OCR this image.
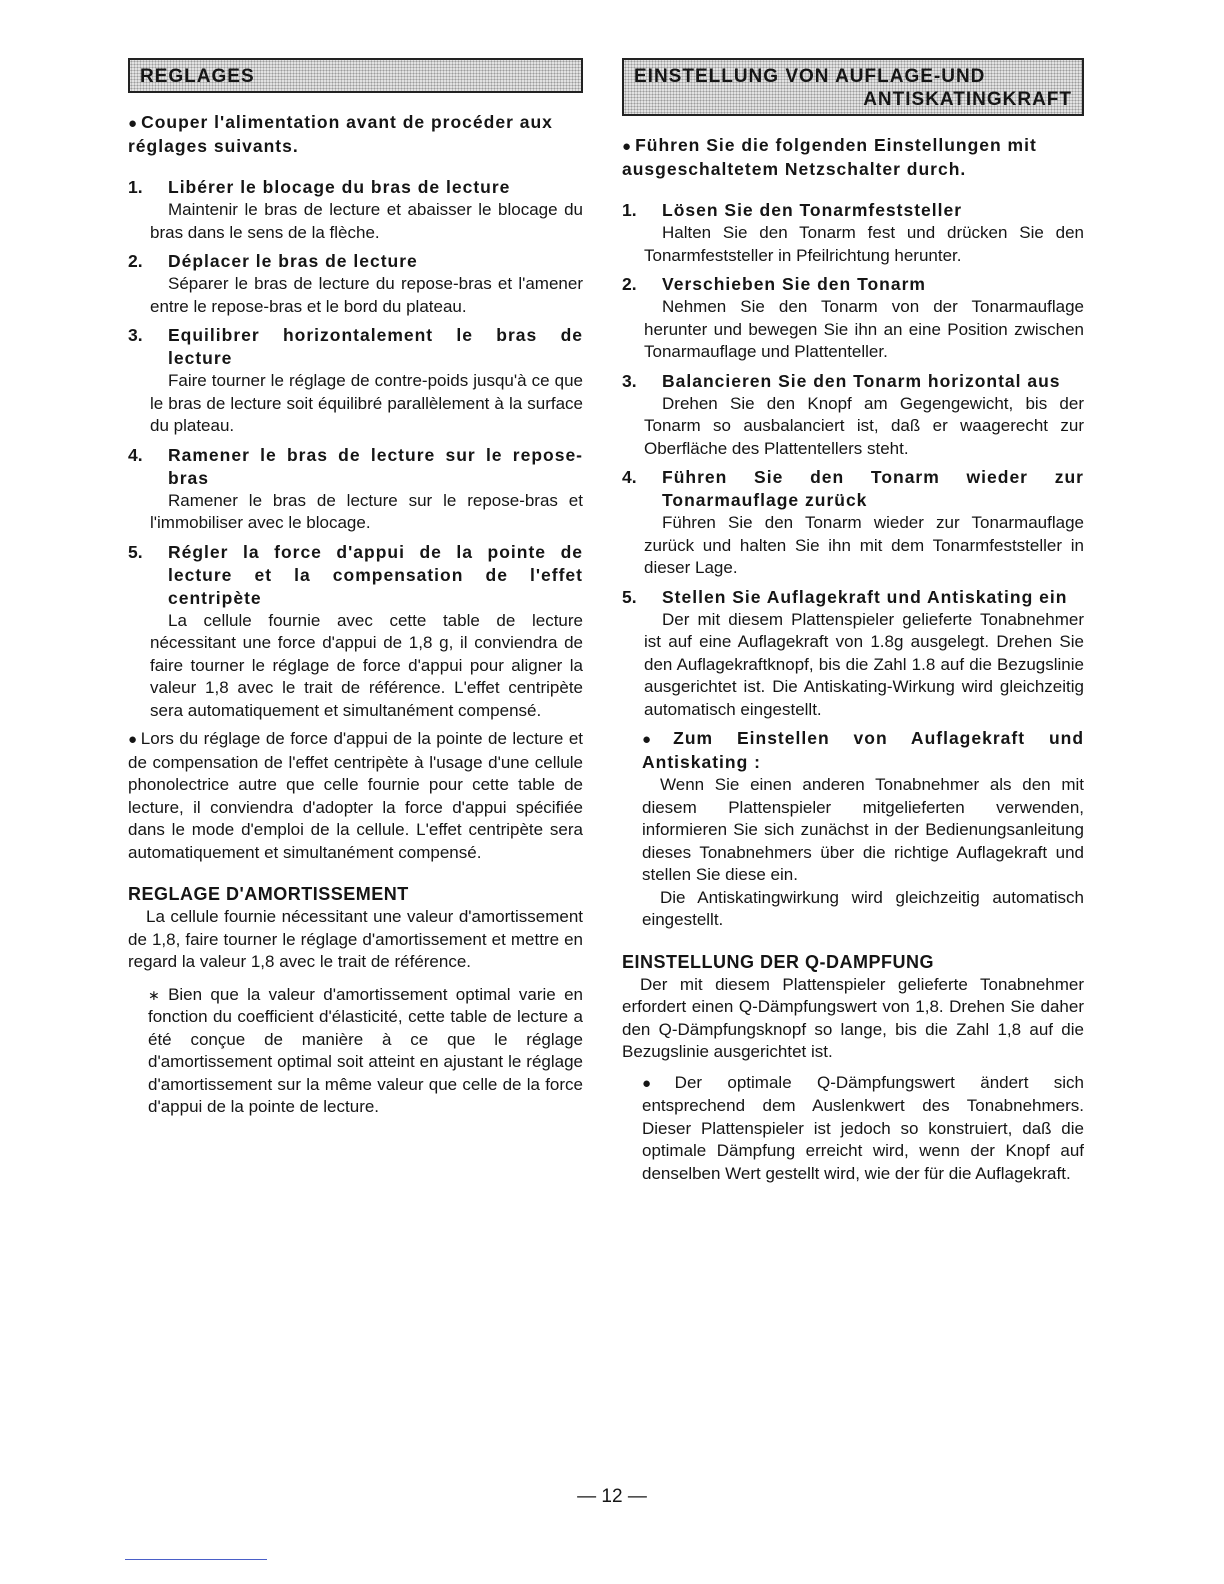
REGLAGES

● Couper l'alimentation avant de procéder aux réglages suivants.

1. Libérer le blocage du bras de lecture

Maintenir le bras de lecture et abaisser le blocage du bras dans le sens de la flèche.

2. Déplacer le bras de lecture

Séparer le bras de lecture du repose-bras et l'amener entre le repose-bras et le bord du plateau.

3. Equilibrer horizontalement le bras de lecture

Faire tourner le réglage de contre-poids jusqu'à ce que le bras de lecture soit équilibré parallèlement à la surface du plateau.

4. Ramener le bras de lecture sur le repose-bras

Ramener le bras de lecture sur le repose-bras et l'immobiliser avec le blocage.

5. Régler la force d'appui de la pointe de lecture et la compensation de l'effet centripète

La cellule fournie avec cette table de lecture nécessitant une force d'appui de 1,8 g, il conviendra de faire tourner le réglage de force d'appui pour aligner la valeur 1,8 avec le trait de référence. L'effet centripète sera automatiquement et simultanément compensé.

● Lors du réglage de force d'appui de la pointe de lecture et de compensation de l'effet centripète à l'usage d'une cellule phonolectrice autre que celle fournie pour cette table de lecture, il conviendra d'adopter la force d'appui spécifiée dans le mode d'emploi de la cellule. L'effet centripète sera automatiquement et simultanément compensé.

REGLAGE D'AMORTISSEMENT

La cellule fournie nécessitant une valeur d'amortissement de 1,8, faire tourner le réglage d'amortissement et mettre en regard la valeur 1,8 avec le trait de référence.

∗ Bien que la valeur d'amortissement optimal varie en fonction du coefficient d'élasticité, cette table de lecture a été conçue de manière à ce que le réglage d'amortissement optimal soit atteint en ajustant le réglage d'amortissement sur la même valeur que celle de la force d'appui de la pointe de lecture.

EINSTELLUNG VON AUFLAGE-UND
ANTISKATINGKRAFT

● Führen Sie die folgenden Einstellungen mit ausgeschaltetem Netzschalter durch.

1. Lösen Sie den Tonarmfeststeller

Halten Sie den Tonarm fest und drücken Sie den Tonarmfeststeller in Pfeilrichtung herunter.

2. Verschieben Sie den Tonarm

Nehmen Sie den Tonarm von der Tonarmauflage herunter und bewegen Sie ihn an eine Position zwischen Tonarmauflage und Plattenteller.

3. Balancieren Sie den Tonarm horizontal aus

Drehen Sie den Knopf am Gegengewicht, bis der Tonarm so ausbalanciert ist, daß er waagerecht zur Oberfläche des Plattentellers steht.

4. Führen Sie den Tonarm wieder zur Tonarmauflage zurück

Führen Sie den Tonarm wieder zur Tonarmauflage zurück und halten Sie ihn mit dem Tonarmfeststeller in dieser Lage.

5. Stellen Sie Auflagekraft und Antiskating ein

Der mit diesem Plattenspieler gelieferte Tonabnehmer ist auf eine Auflagekraft von 1.8g ausgelegt. Drehen Sie den Auflagekraftknopf, bis die Zahl 1.8 auf die Bezugslinie ausgerichtet ist. Die Antiskating-Wirkung wird gleichzeitig automatisch eingestellt.

● Zum Einstellen von Auflagekraft und Antiskating :

Wenn Sie einen anderen Tonabnehmer als den mit diesem Plattenspieler mitgelieferten verwenden, informieren Sie sich zunächst in der Bedienungsanleitung dieses Tonabnehmers über die richtige Auflagekraft und stellen Sie diese ein.

Die Antiskatingwirkung wird gleichzeitig automatisch eingestellt.

EINSTELLUNG DER Q-DAMPFUNG

Der mit diesem Plattenspieler gelieferte Tonabnehmer erfordert einen Q-Dämpfungswert von 1,8. Drehen Sie daher den Q-Dämpfungsknopf so lange, bis die Zahl 1,8 auf die Bezugslinie ausgerichtet ist.

● Der optimale Q-Dämpfungswert ändert sich entsprechend dem Auslenkwert des Tonabnehmers. Dieser Plattenspieler ist jedoch so konstruiert, daß die optimale Dämpfung erreicht wird, wenn der Knopf auf denselben Wert gestellt wird, wie der für die Auflagekraft.

— 12 —
